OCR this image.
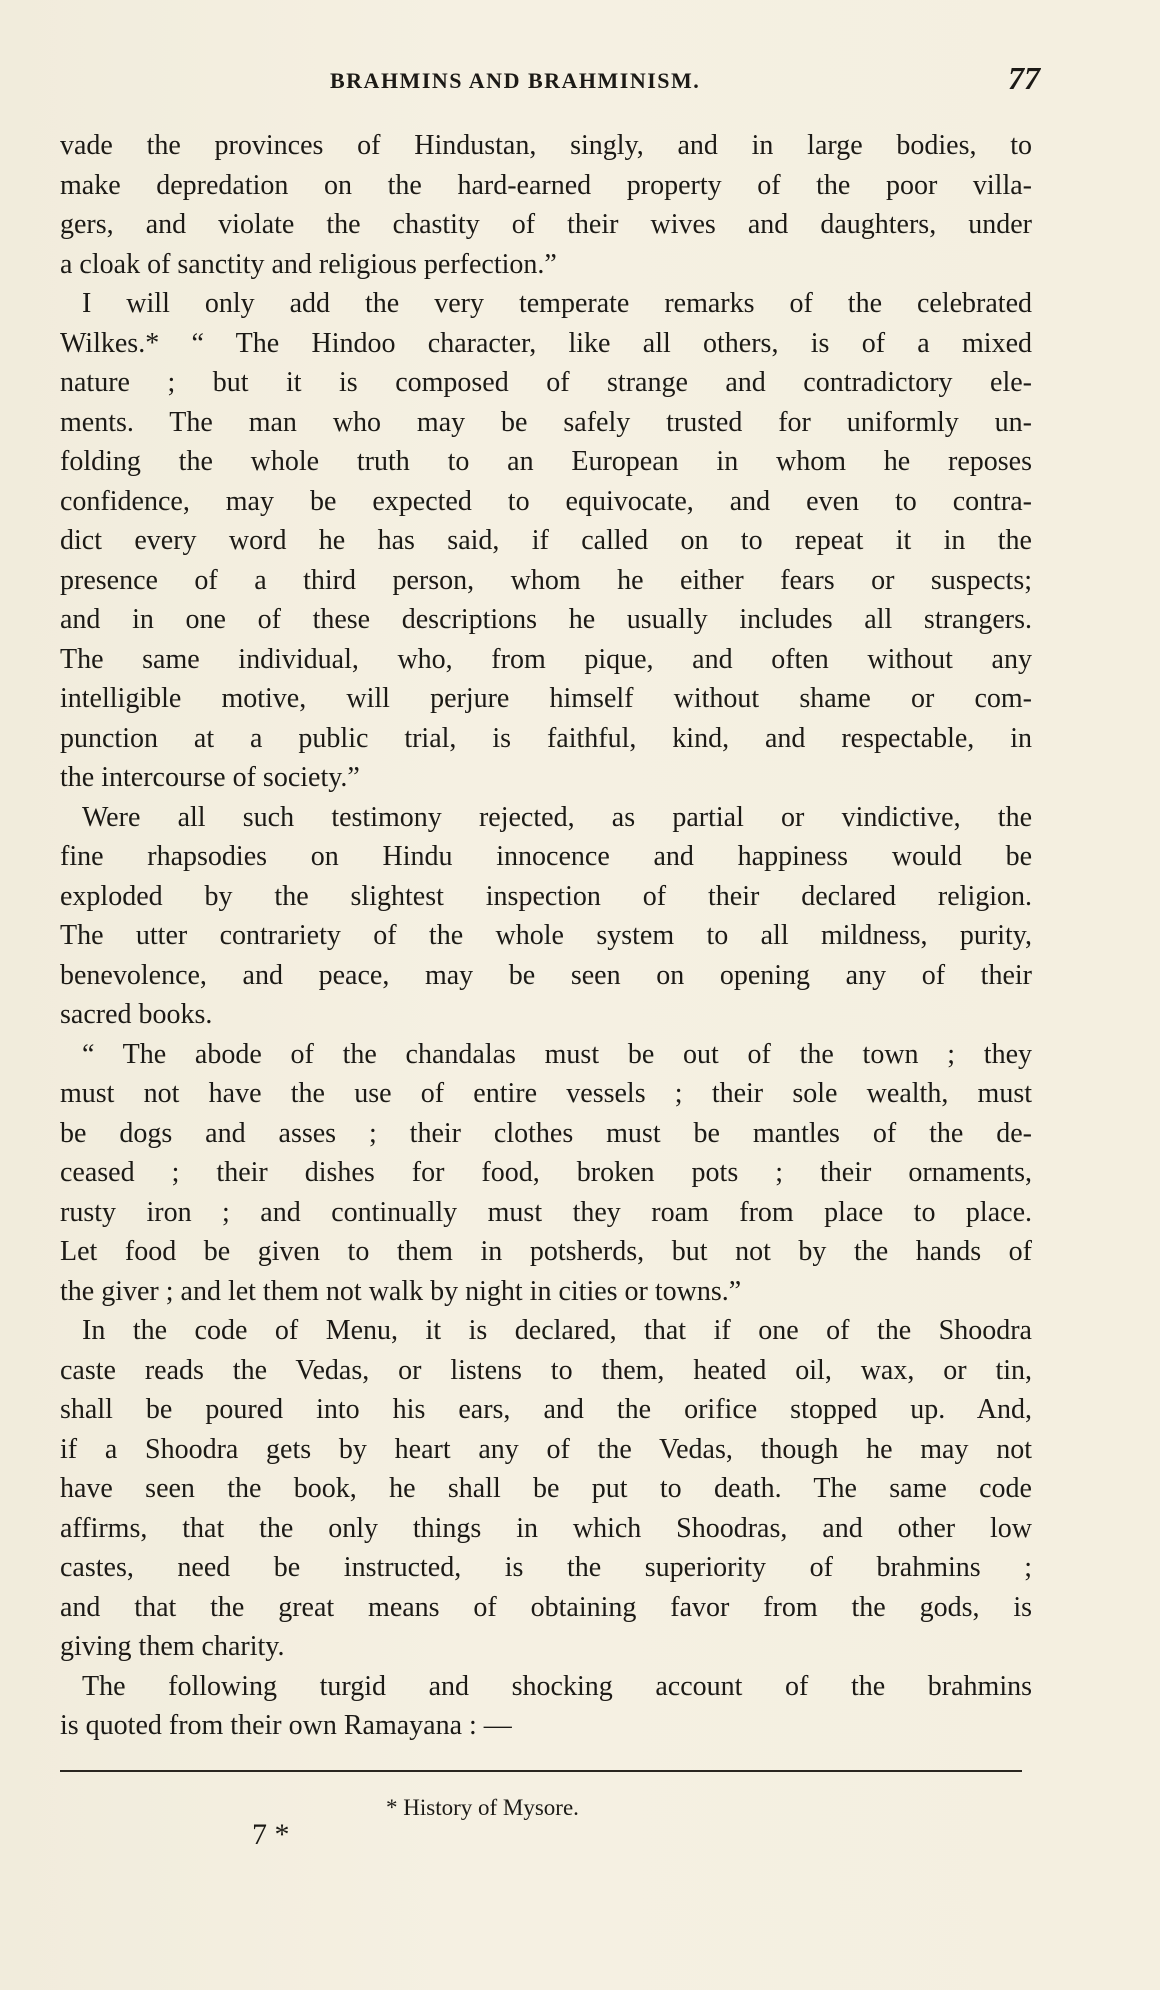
BRAHMINS AND BRAHMINISM.	77
vade the provinces of Hindustan, singly, and in large bodies, to
make depredation on the hard-earned property of the poor villa-
gers, and violate the chastity of their wives and daughters, under
a cloak of sanctity and religious perfection.”
I will only add the very temperate remarks of the celebrated
Wilkes.* “ The Hindoo character, like all others, is of a mixed
nature ; but it is composed of strange and contradictory ele-
ments. The man who may be safely trusted for uniformly un-
folding the whole truth to an European in whom he reposes
confidence, may be expected to equivocate, and even to contra-
dict every word he has said, if called on to repeat it in the
presence of a third person, whom he either fears or suspects;
and in one of these descriptions he usually includes all strangers.
The same individual, who, from pique, and often without any
intelligible motive, will perjure himself without shame or com-
punction at a public trial, is faithful, kind, and respectable, in
the intercourse of society.”
Were all such testimony rejected, as partial or vindictive, the
fine rhapsodies on Hindu innocence and happiness would be
exploded by the slightest inspection of their declared religion.
The utter contrariety of the whole system to all mildness, purity,
benevolence, and peace, may be seen on opening any of their
sacred books.
“ The abode of the chandalas must be out of the town ; they
must not have the use of entire vessels ; their sole wealth, must
be dogs and asses ; their clothes must be mantles of the de-
ceased ; their dishes for food, broken pots ; their ornaments,
rusty iron ; and continually must they roam from place to place.
Let food be given to them in potsherds, but not by the hands of
the giver ; and let them not walk by night in cities or towns.”
In the code of Menu, it is declared, that if one of the Shoodra
caste reads the Vedas, or listens to them, heated oil, wax, or tin,
shall be poured into his ears, and the orifice stopped up. And,
if a Shoodra gets by heart any of the Vedas, though he may not
have seen the book, he shall be put to death. The same code
affirms, that the only things in which Shoodras, and other low
castes, need be instructed, is the superiority of brahmins ;
and that the great means of obtaining favor from the gods, is
giving them charity.
The following turgid and shocking account of the brahmins
is quoted from their own Ramayana : —
* History of Mysore.
7 *
